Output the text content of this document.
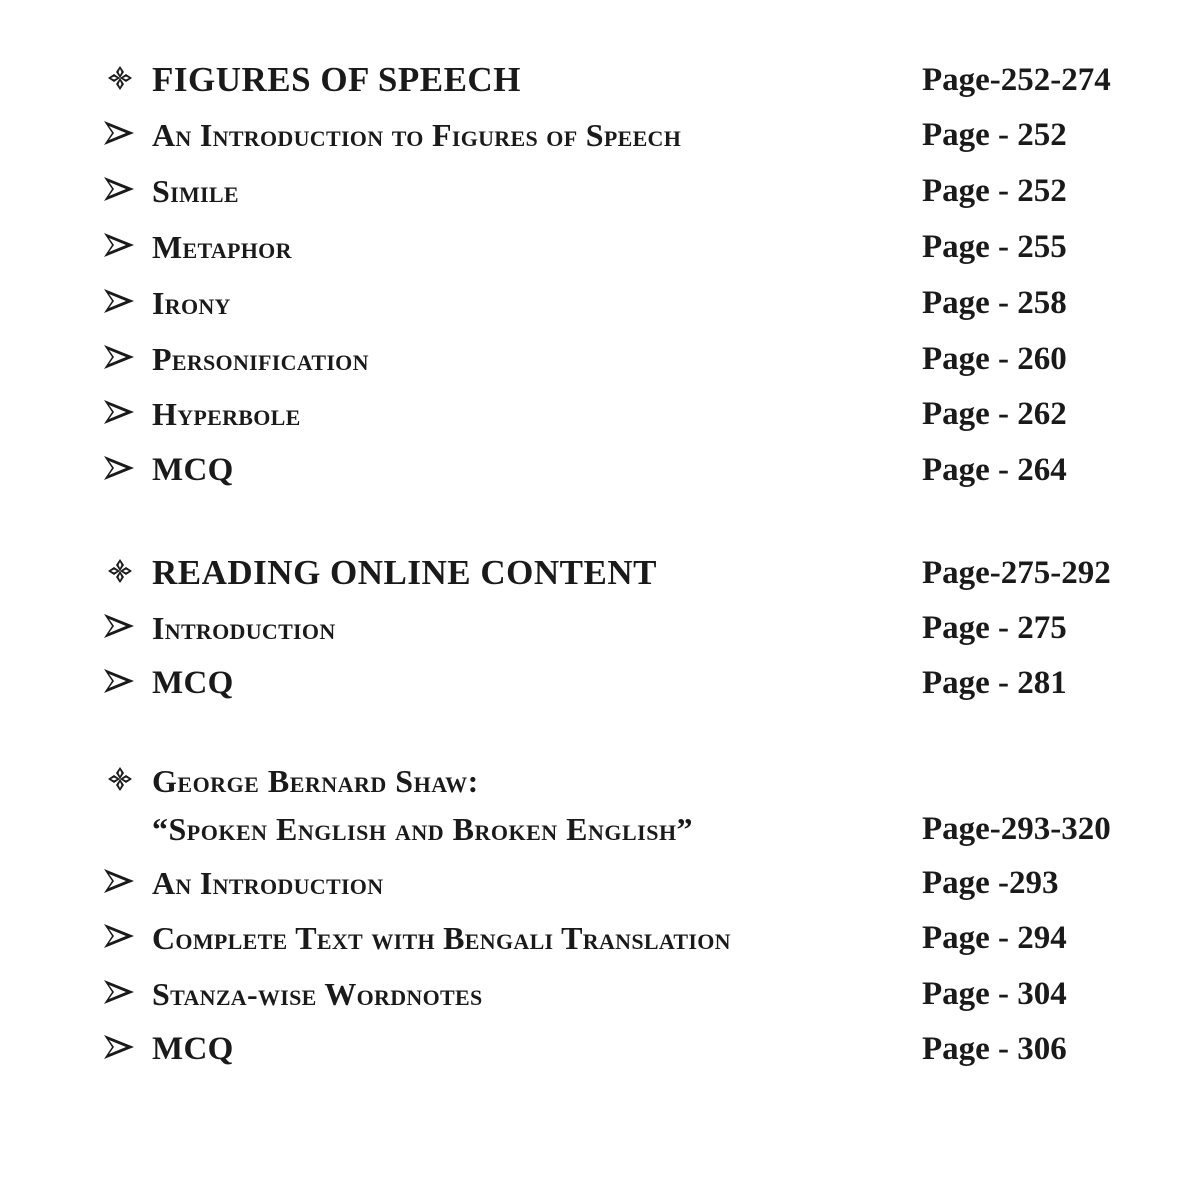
FIGURES OF SPEECH	Page-252-274
An Introduction to Figures of Speech	Page - 252
Simile	Page - 252
Metaphor	Page - 255
Irony	Page - 258
Personification	Page - 260
Hyperbole	Page - 262
MCQ	Page - 264
READING ONLINE CONTENT	Page-275-292
Introduction	Page - 275
MCQ	Page - 281
George Bernard Shaw:
“Spoken English and Broken English”	Page-293-320
An Introduction	Page -293
Complete Text with Bengali Translation	Page - 294
Stanza-wise Wordnotes	Page - 304
MCQ	Page - 306
